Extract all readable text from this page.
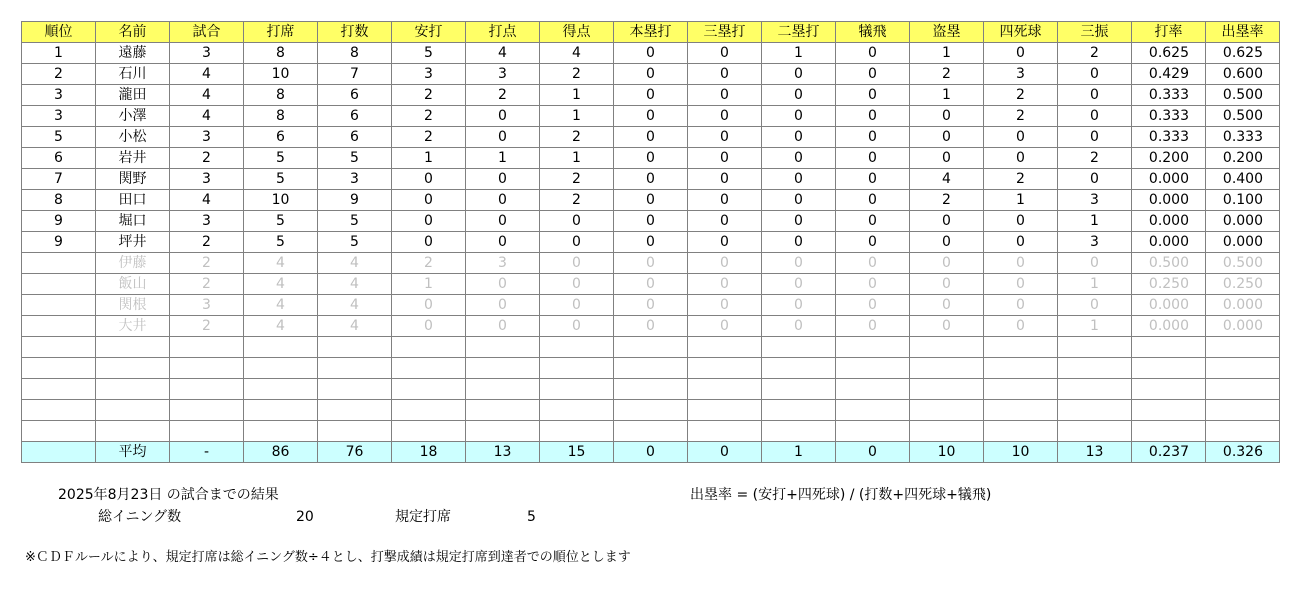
順位	名前	試合	打席	打数	安打	打点	得点	本塁打	三塁打	二塁打	犠飛	盗塁	四死球	三振	打率	出塁率
1	遠藤	3	8	8	5	4	4	0	0	1	0	1	0	2	0.625	0.625
2	石川	4	10	7	3	3	2	0	0	0	0	2	3	0	0.429	0.600
3	瀧田	4	8	6	2	2	1	0	0	0	0	1	2	0	0.333	0.500
3	小澤	4	8	6	2	0	1	0	0	0	0	0	2	0	0.333	0.500
5	小松	3	6	6	2	0	2	0	0	0	0	0	0	0	0.333	0.333
6	岩井	2	5	5	1	1	1	0	0	0	0	0	0	2	0.200	0.200
7	関野	3	5	3	0	0	2	0	0	0	0	4	2	0	0.000	0.400
8	田口	4	10	9	0	0	2	0	0	0	0	2	1	3	0.000	0.100
9	堀口	3	5	5	0	0	0	0	0	0	0	0	0	1	0.000	0.000
9	坪井	2	5	5	0	0	0	0	0	0	0	0	0	3	0.000	0.000
	伊藤	2	4	4	2	3	0	0	0	0	0	0	0	0	0.500	0.500
	飯山	2	4	4	1	0	0	0	0	0	0	0	0	1	0.250	0.250
	関根	3	4	4	0	0	0	0	0	0	0	0	0	0	0.000	0.000
	大井	2	4	4	0	0	0	0	0	0	0	0	0	1	0.000	0.000

	平均	-	86	76	18	13	15	0	0	1	0	10	10	13	0.237	0.326
2025年8月23日 の試合までの結果	出塁率 = (安打+四死球) / (打数+四死球+犠飛)
総イニング数	20	規定打席	5
※ＣＤＦルールにより、規定打席は総イニング数÷４とし、打撃成績は規定打席到達者での順位とします
